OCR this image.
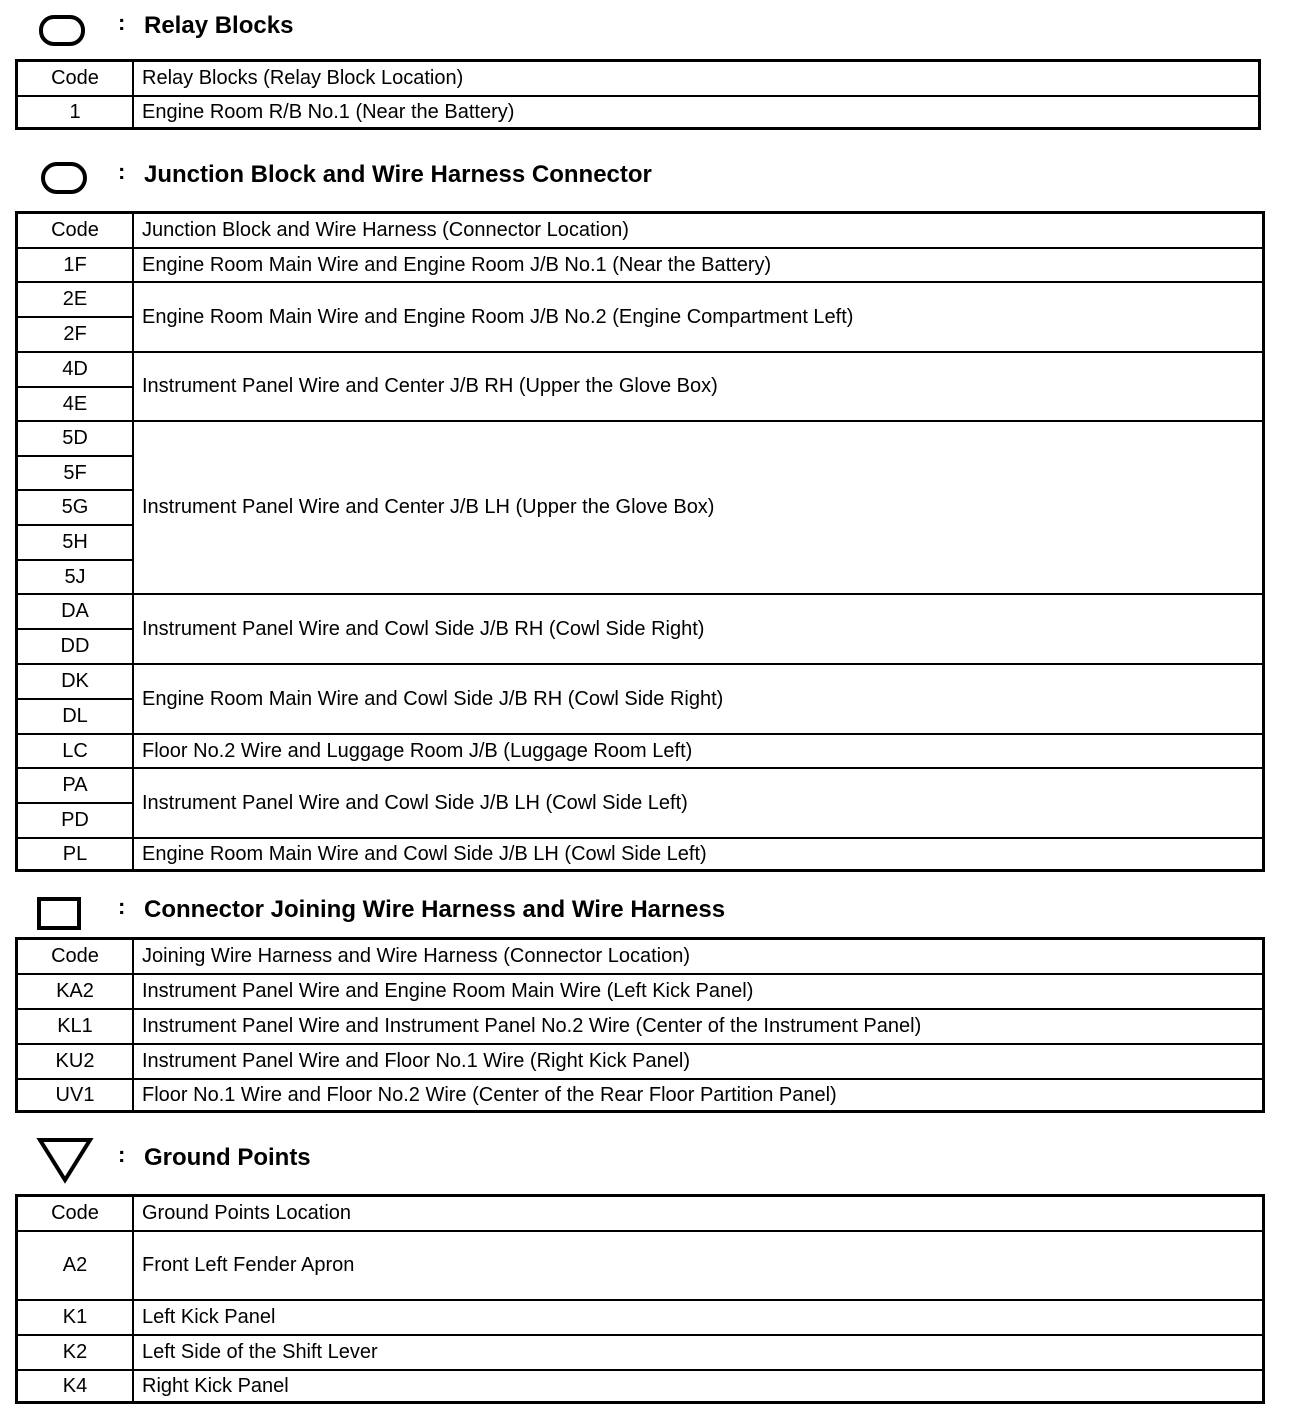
: Relay Blocks
Code	Relay Blocks (Relay Block Location)
1	Engine Room R/B No.1 (Near the Battery)
: Junction Block and Wire Harness Connector
Code	Junction Block and Wire Harness (Connector Location)
1F	Engine Room Main Wire and Engine Room J/B No.1 (Near the Battery)
2E	Engine Room Main Wire and Engine Room J/B No.2 (Engine Compartment Left)
2F	
4D	Instrument Panel Wire and Center J/B RH (Upper the Glove Box)
4E	
5D	Instrument Panel Wire and Center J/B LH (Upper the Glove Box)
5F	
5G	
5H	
5J	
DA	Instrument Panel Wire and Cowl Side J/B RH (Cowl Side Right)
DD	
DK	Engine Room Main Wire and Cowl Side J/B RH (Cowl Side Right)
DL	
LC	Floor No.2 Wire and Luggage Room J/B (Luggage Room Left)
PA	Instrument Panel Wire and Cowl Side J/B LH (Cowl Side Left)
PD	
PL	Engine Room Main Wire and Cowl Side J/B LH (Cowl Side Left)
: Connector Joining Wire Harness and Wire Harness
Code	Joining Wire Harness and Wire Harness (Connector Location)
KA2	Instrument Panel Wire and Engine Room Main Wire (Left Kick Panel)
KL1	Instrument Panel Wire and Instrument Panel No.2 Wire (Center of the Instrument Panel)
KU2	Instrument Panel Wire and Floor No.1 Wire (Right Kick Panel)
UV1	Floor No.1 Wire and Floor No.2 Wire (Center of the Rear Floor Partition Panel)
: Ground Points
Code	Ground Points Location
A2	Front Left Fender Apron
K1	Left Kick Panel
K2	Left Side of the Shift Lever
K4	Right Kick Panel
